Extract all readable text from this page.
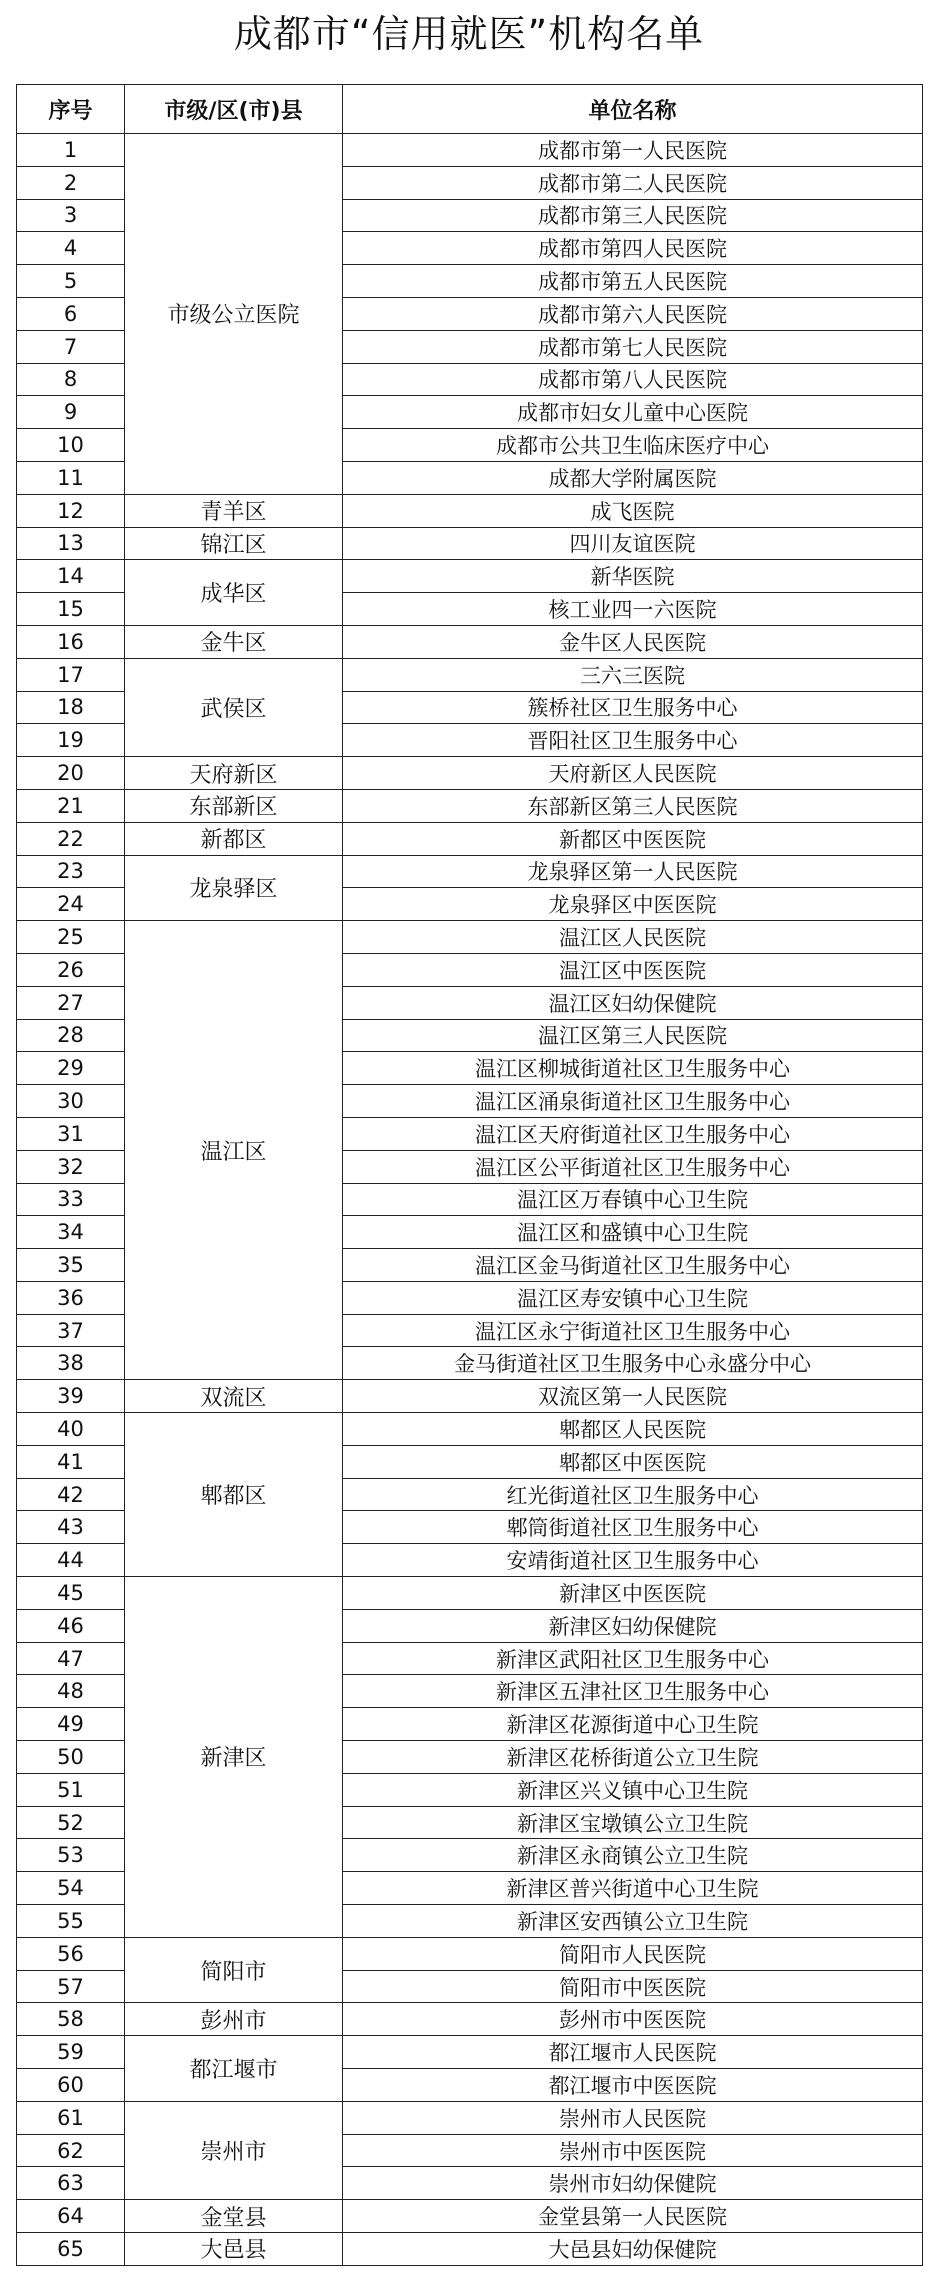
成都市“信用就医”机构名单
序号	市级/区(市)县	单位名称
1	市级公立医院	成都市第一人民医院
2		成都市第二人民医院
3		成都市第三人民医院
4		成都市第四人民医院
5		成都市第五人民医院
6		成都市第六人民医院
7		成都市第七人民医院
8		成都市第八人民医院
9		成都市妇女儿童中心医院
10		成都市公共卫生临床医疗中心
11		成都大学附属医院
12	青羊区	成飞医院
13	锦江区	四川友谊医院
14	成华区	新华医院
15		核工业四一六医院
16	金牛区	金牛区人民医院
17	武侯区	三六三医院
18		簇桥社区卫生服务中心
19		晋阳社区卫生服务中心
20	天府新区	天府新区人民医院
21	东部新区	东部新区第三人民医院
22	新都区	新都区中医医院
23	龙泉驿区	龙泉驿区第一人民医院
24		龙泉驿区中医医院
25	温江区	温江区人民医院
26		温江区中医医院
27		温江区妇幼保健院
28		温江区第三人民医院
29		温江区柳城街道社区卫生服务中心
30		温江区涌泉街道社区卫生服务中心
31		温江区天府街道社区卫生服务中心
32		温江区公平街道社区卫生服务中心
33		温江区万春镇中心卫生院
34		温江区和盛镇中心卫生院
35		温江区金马街道社区卫生服务中心
36		温江区寿安镇中心卫生院
37		温江区永宁街道社区卫生服务中心
38		金马街道社区卫生服务中心永盛分中心
39	双流区	双流区第一人民医院
40	郫都区	郫都区人民医院
41		郫都区中医医院
42		红光街道社区卫生服务中心
43		郫筒街道社区卫生服务中心
44		安靖街道社区卫生服务中心
45	新津区	新津区中医医院
46		新津区妇幼保健院
47		新津区武阳社区卫生服务中心
48		新津区五津社区卫生服务中心
49		新津区花源街道中心卫生院
50		新津区花桥街道公立卫生院
51		新津区兴义镇中心卫生院
52		新津区宝墩镇公立卫生院
53		新津区永商镇公立卫生院
54		新津区普兴街道中心卫生院
55		新津区安西镇公立卫生院
56	简阳市	简阳市人民医院
57		简阳市中医医院
58	彭州市	彭州市中医医院
59	都江堰市	都江堰市人民医院
60		都江堰市中医医院
61	崇州市	崇州市人民医院
62		崇州市中医医院
63		崇州市妇幼保健院
64	金堂县	金堂县第一人民医院
65	大邑县	大邑县妇幼保健院
